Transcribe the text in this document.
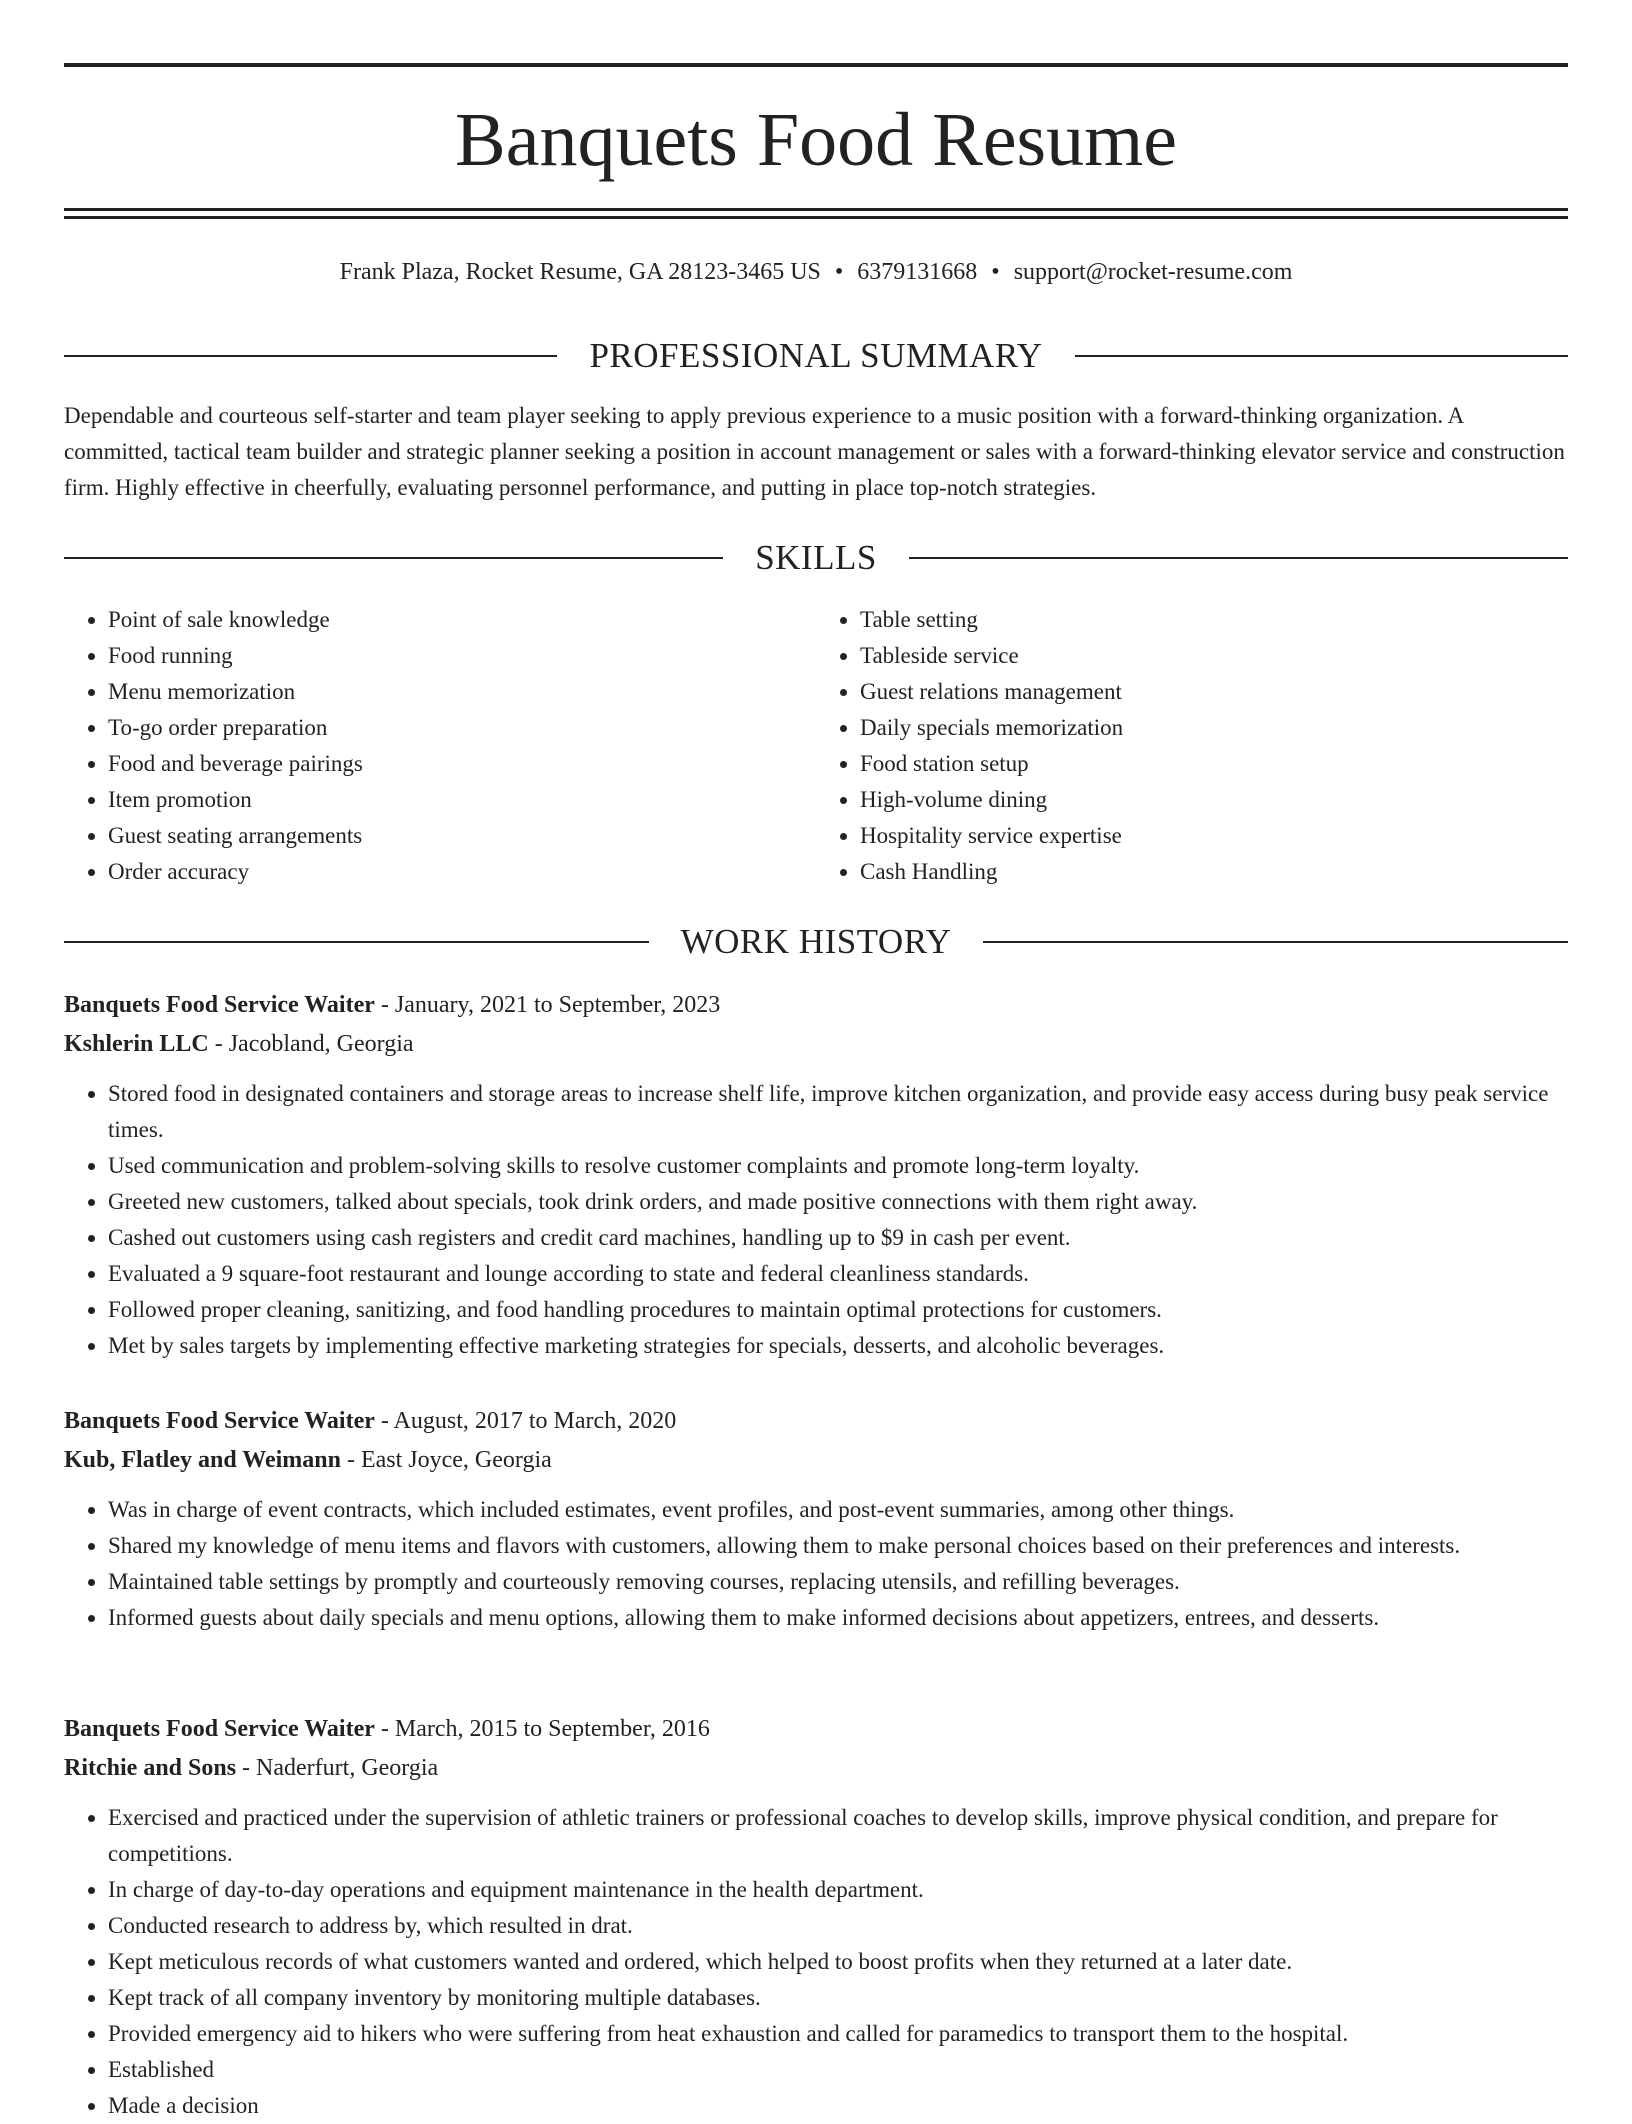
Banquets Food Resume
Frank Plaza, Rocket Resume, GA 28123-3465 US • 6379131668 • support@rocket-resume.com
PROFESSIONAL SUMMARY

Dependable and courteous self-starter and team player seeking to apply previous experience to a music position with a forward-thinking organization. A committed, tactical team builder and strategic planner seeking a position in account management or sales with a forward-thinking elevator service and construction firm. Highly effective in cheerfully, evaluating personnel performance, and putting in place top-notch strategies.

SKILLS
• Point of sale knowledge
• Food running
• Menu memorization
• To-go order preparation
• Food and beverage pairings
• Item promotion
• Guest seating arrangements
• Order accuracy
• Table setting
• Tableside service
• Guest relations management
• Daily specials memorization
• Food station setup
• High-volume dining
• Hospitality service expertise
• Cash Handling
WORK HISTORY
Banquets Food Service Waiter - January, 2021 to September, 2023
Kshlerin LLC - Jacobland, Georgia
• Stored food in designated containers and storage areas to increase shelf life, improve kitchen organization, and provide easy access during busy peak service times.
• Used communication and problem-solving skills to resolve customer complaints and promote long-term loyalty.
• Greeted new customers, talked about specials, took drink orders, and made positive connections with them right away.
• Cashed out customers using cash registers and credit card machines, handling up to $9 in cash per event.
• Evaluated a 9 square-foot restaurant and lounge according to state and federal cleanliness standards.
• Followed proper cleaning, sanitizing, and food handling procedures to maintain optimal protections for customers.
• Met by sales targets by implementing effective marketing strategies for specials, desserts, and alcoholic beverages.
Banquets Food Service Waiter - August, 2017 to March, 2020
Kub, Flatley and Weimann - East Joyce, Georgia
• Was in charge of event contracts, which included estimates, event profiles, and post-event summaries, among other things.
• Shared my knowledge of menu items and flavors with customers, allowing them to make personal choices based on their preferences and interests.
• Maintained table settings by promptly and courteously removing courses, replacing utensils, and refilling beverages.
• Informed guests about daily specials and menu options, allowing them to make informed decisions about appetizers, entrees, and desserts.
Banquets Food Service Waiter - March, 2015 to September, 2016
Ritchie and Sons - Naderfurt, Georgia
• Exercised and practiced under the supervision of athletic trainers or professional coaches to develop skills, improve physical condition, and prepare for competitions.
• In charge of day-to-day operations and equipment maintenance in the health department.
• Conducted research to address by, which resulted in drat.
• Kept meticulous records of what customers wanted and ordered, which helped to boost profits when they returned at a later date.
• Kept track of all company inventory by monitoring multiple databases.
• Provided emergency aid to hikers who were suffering from heat exhaustion and called for paramedics to transport them to the hospital.
• Established
• Made a decision
